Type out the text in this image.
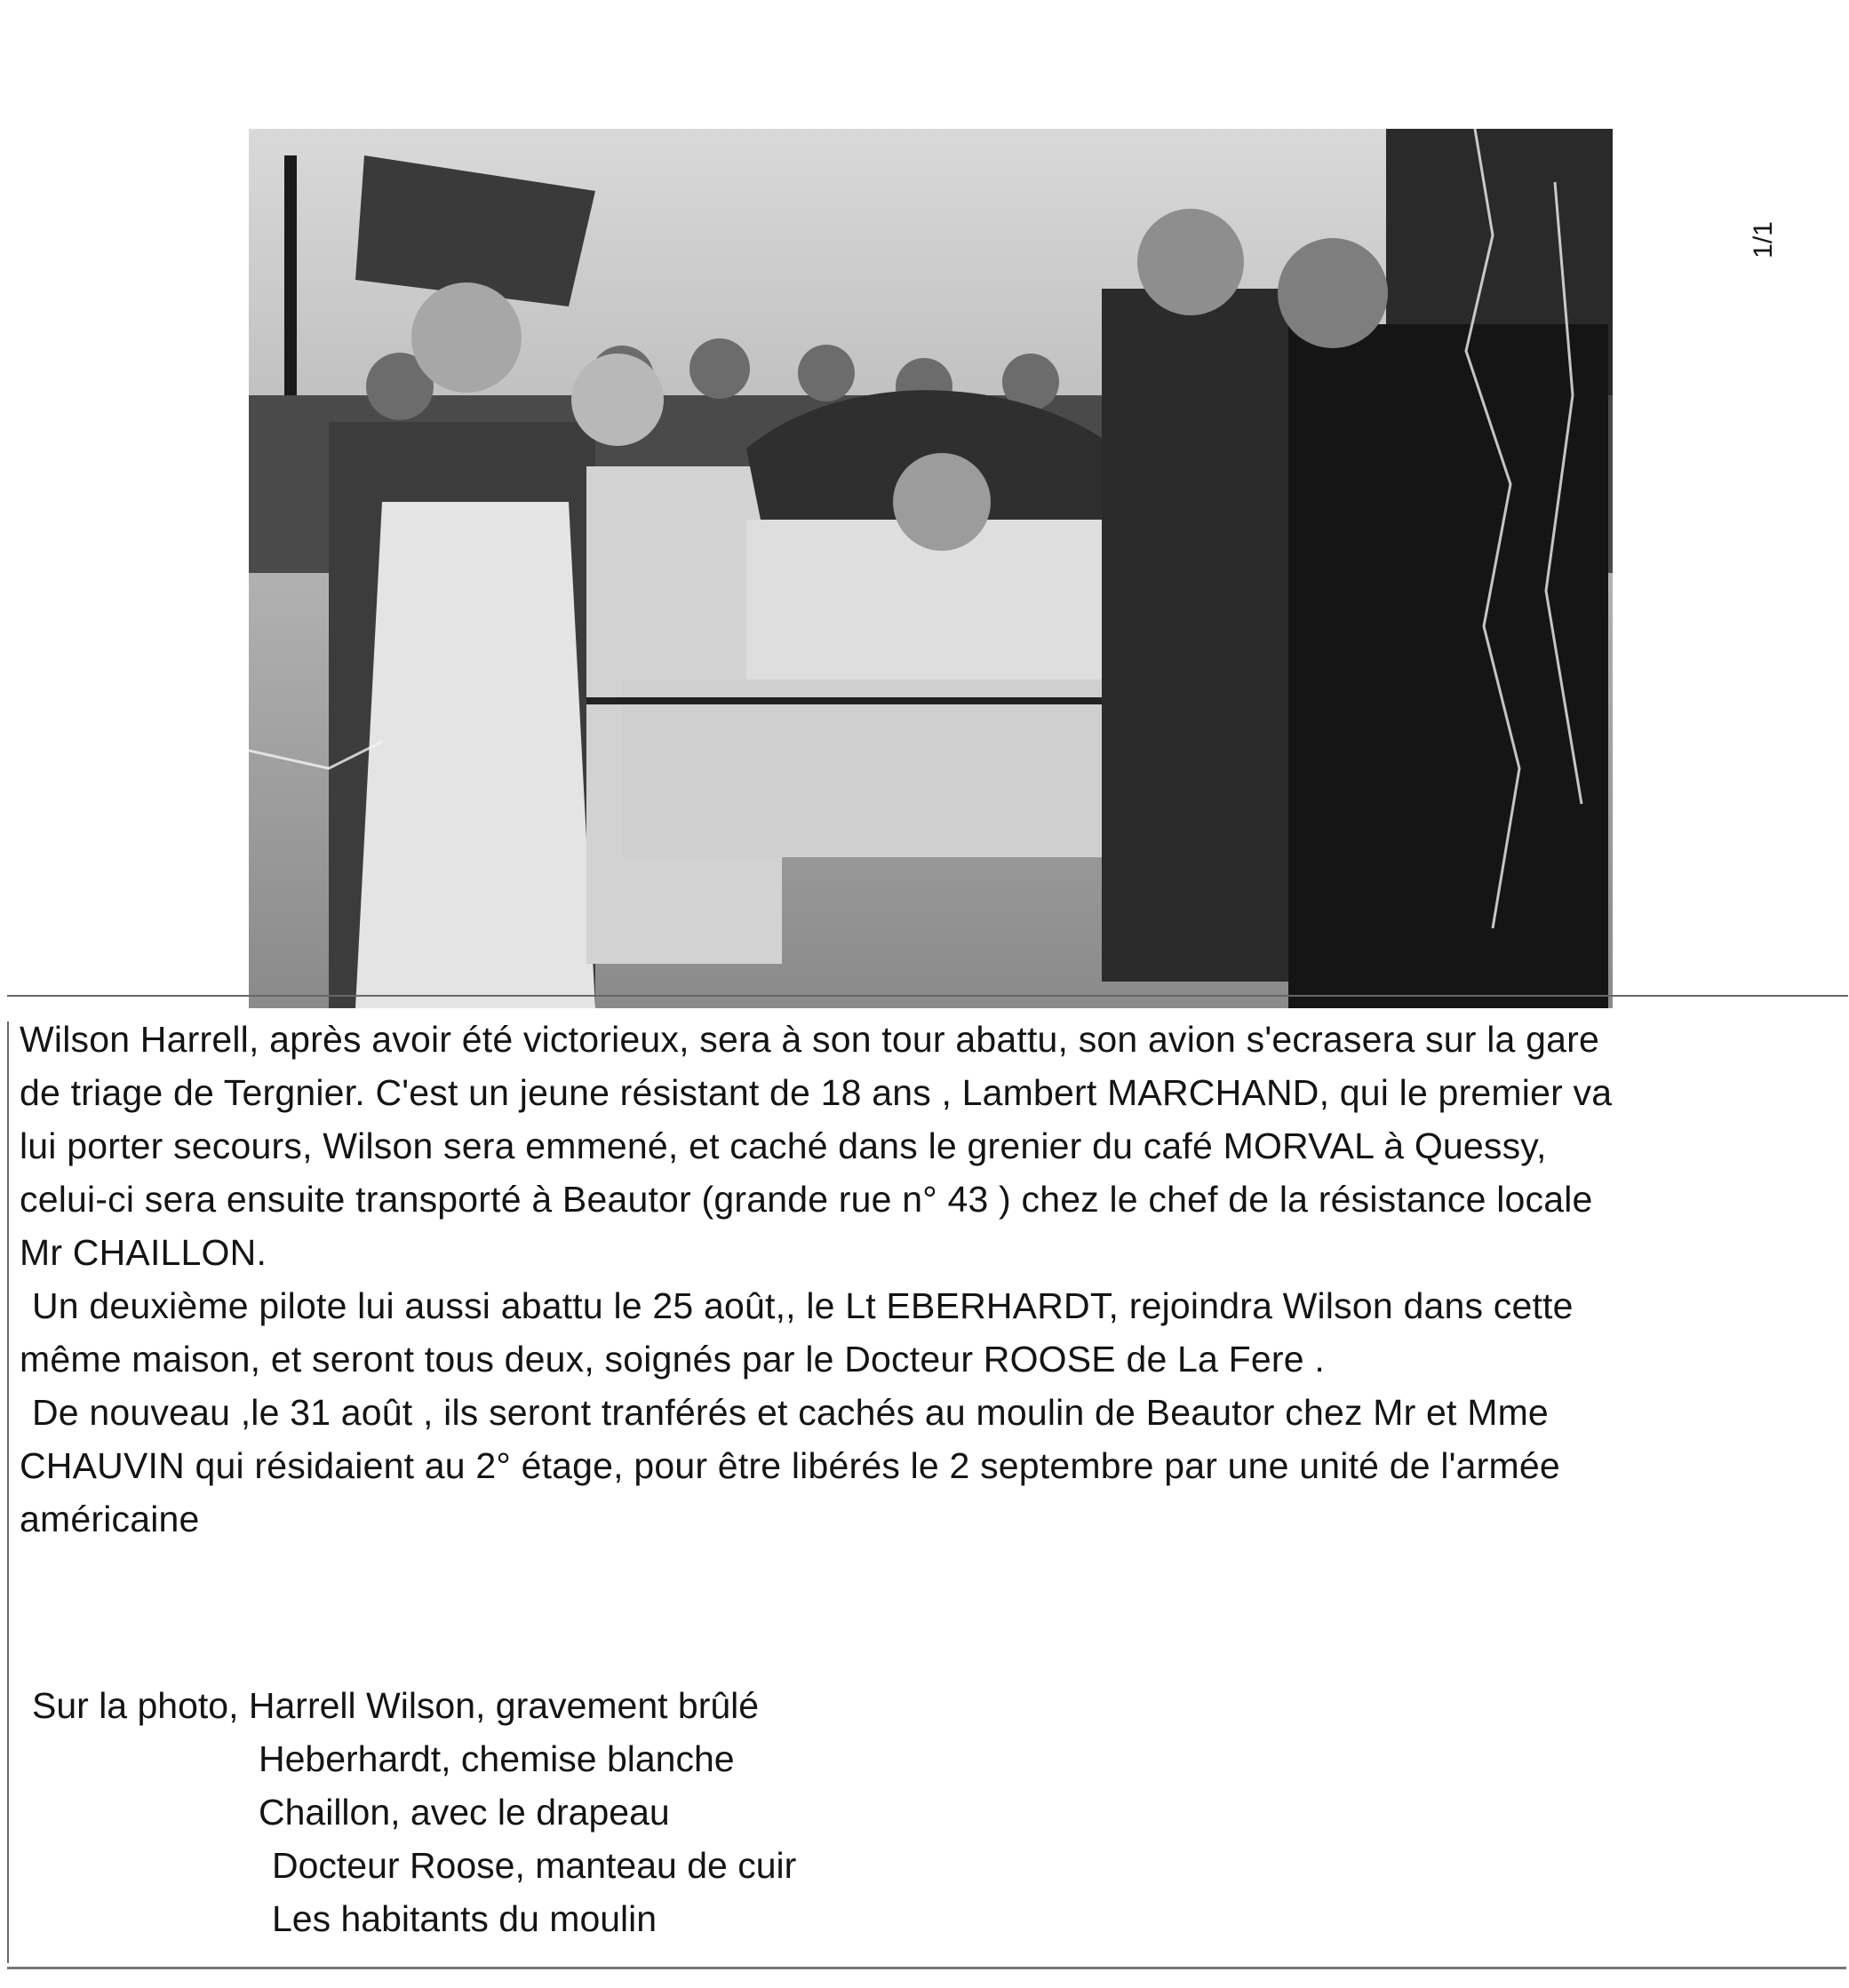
1/1

Wilson Harrell, après avoir été victorieux, sera à son tour abattu, son avion s'ecrasera sur la gare

de triage de Tergnier. C'est un jeune résistant de 18 ans , Lambert MARCHAND, qui le premier va

lui porter secours, Wilson sera emmené, et caché dans le grenier du café MORVAL à Quessy,

celui-ci sera ensuite transporté à Beautor (grande rue n° 43 ) chez le chef de la résistance locale

Mr CHAILLON.

Un deuxième pilote lui aussi abattu le 25 août,, le Lt EBERHARDT, rejoindra Wilson dans cette

même maison, et seront tous deux, soignés par le Docteur ROOSE de La Fere .

De nouveau ,le 31 août , ils seront tranférés et cachés au moulin de Beautor chez Mr et Mme

CHAUVIN qui résidaient au 2° étage, pour être libérés le 2 septembre par une unité de l'armée

américaine

Sur la photo, Harrell Wilson, gravement brûlé
Heberhardt, chemise blanche
Chaillon, avec le drapeau
Docteur Roose, manteau de cuir
Les habitants du moulin
